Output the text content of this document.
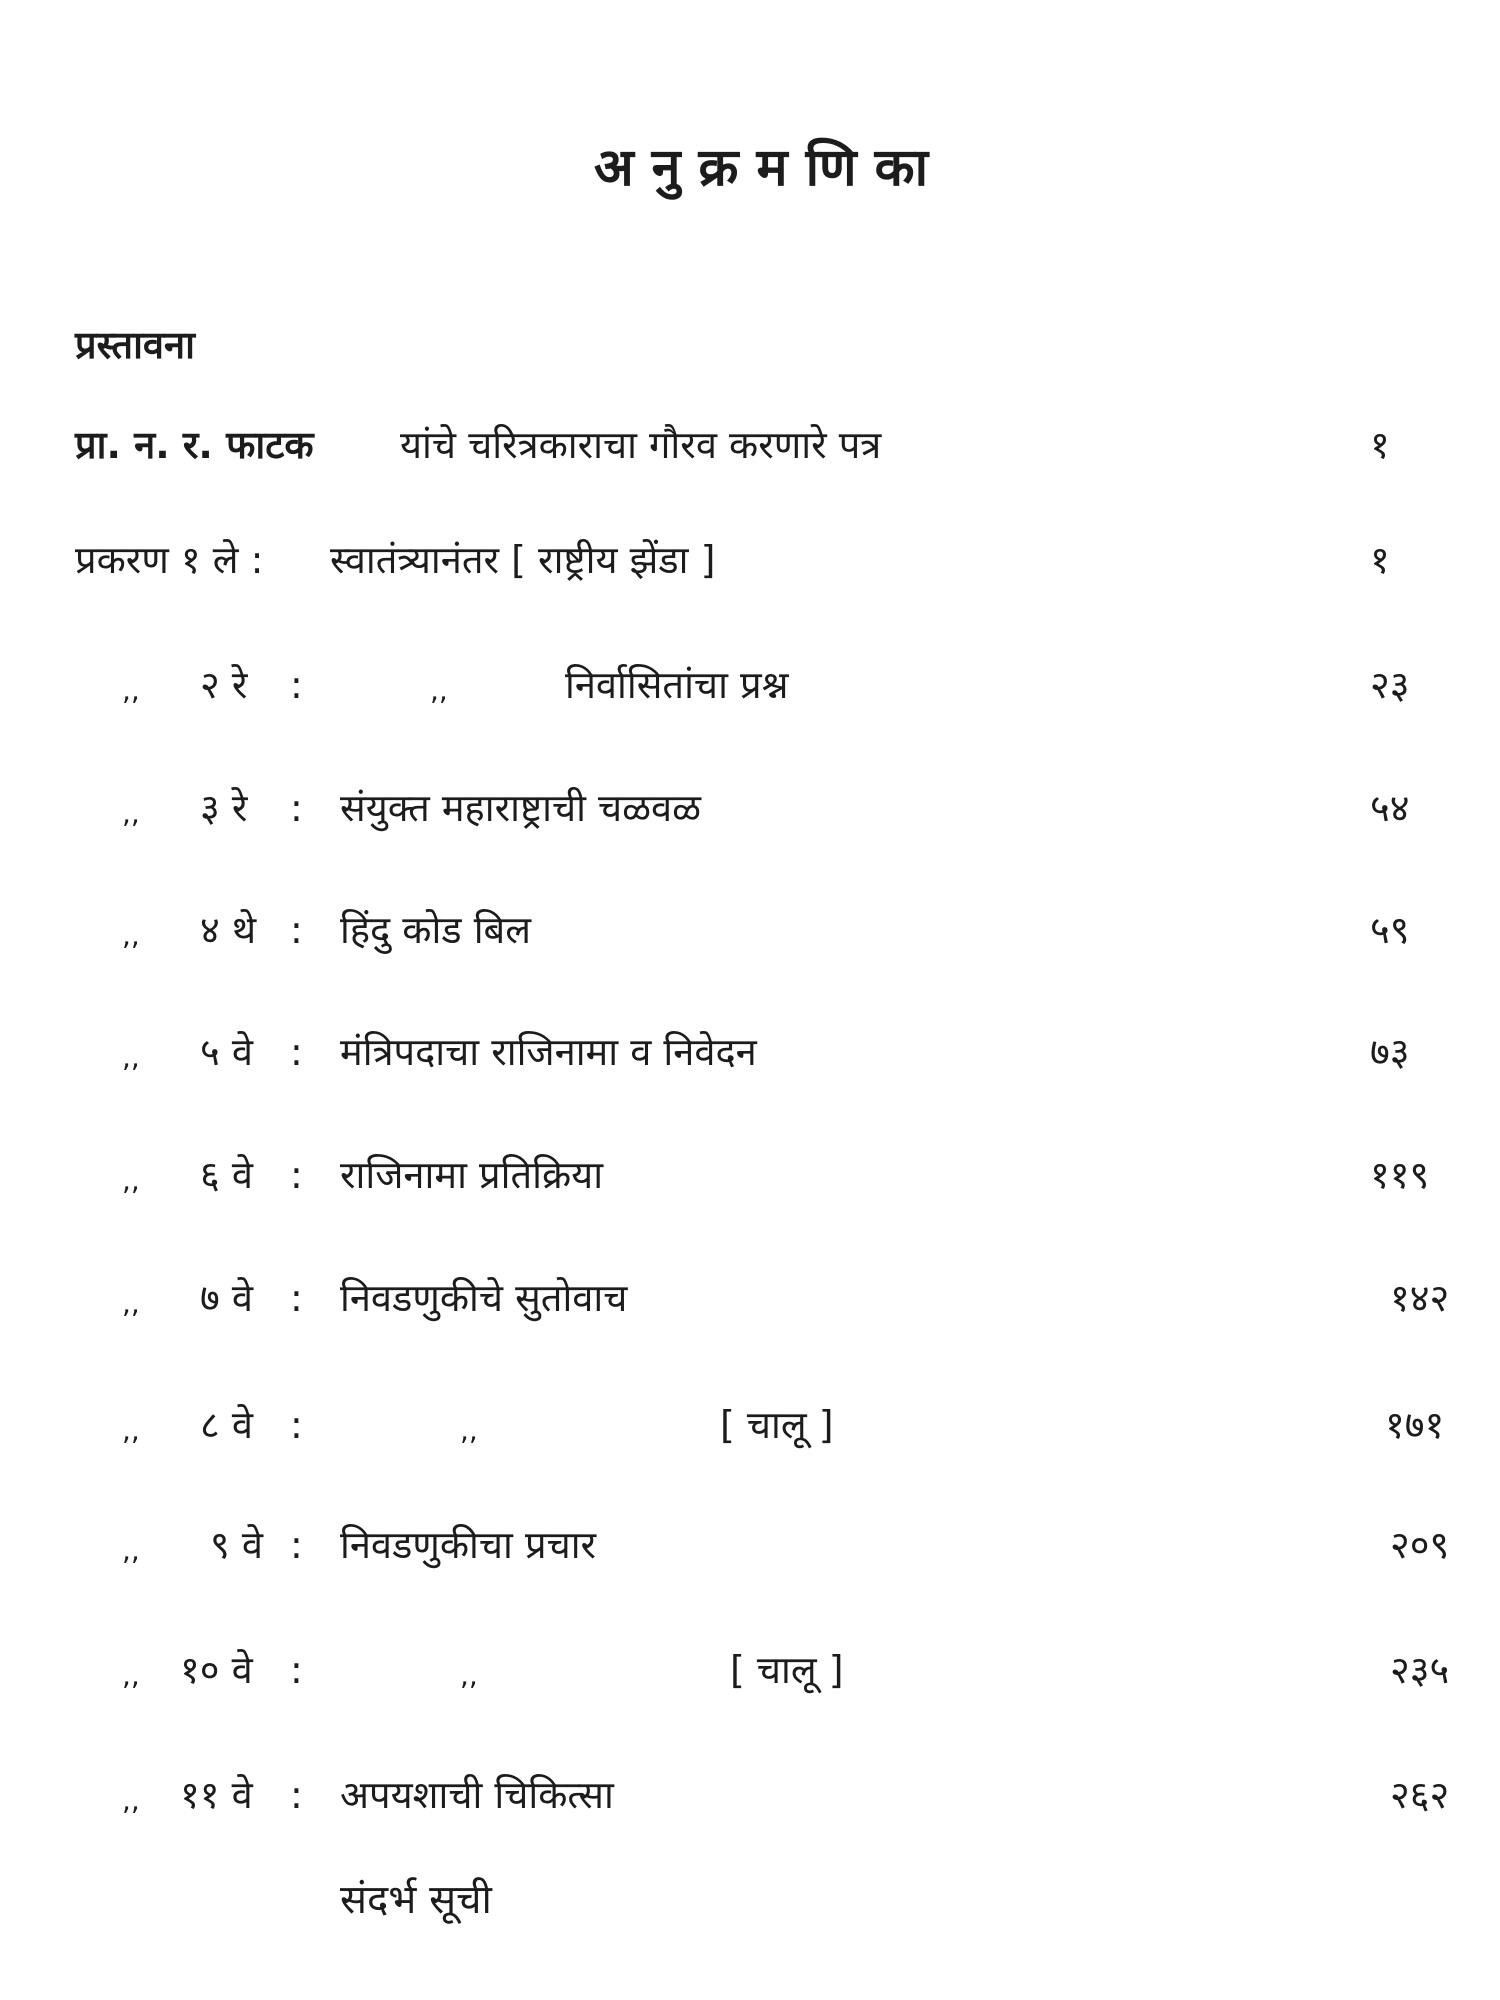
अनुक्रमणिका
प्रस्तावना
प्रा. न. र. फाटक यांचे चरित्रकाराचा गौरव करणारे पत्र	१
प्रकरण १ ले : स्वातंत्र्यानंतर [ राष्ट्रीय झेंडा ]	१
,, २ रे :	,,	निर्वासितांचा प्रश्न	२३
,, ३ रे : संयुक्त महाराष्ट्राची चळवळ	५४
,, ४ थे : हिंदु कोड बिल	५९
,, ५ वे : मंत्रिपदाचा राजिनामा व निवेदन	७३
,, ६ वे : राजिनामा प्रतिक्रिया	११९
,, ७ वे : निवडणुकीचे सुतोवाच	१४२
,, ८ वे :	,,	[ चालू ]	१७१
,, ९ वे : निवडणुकीचा प्रचार	२०९
,, १० वे :	,,	[ चालू ]	२३५
,, ११ वे : अपयशाची चिकित्सा	२६२
संदर्भ सूची
